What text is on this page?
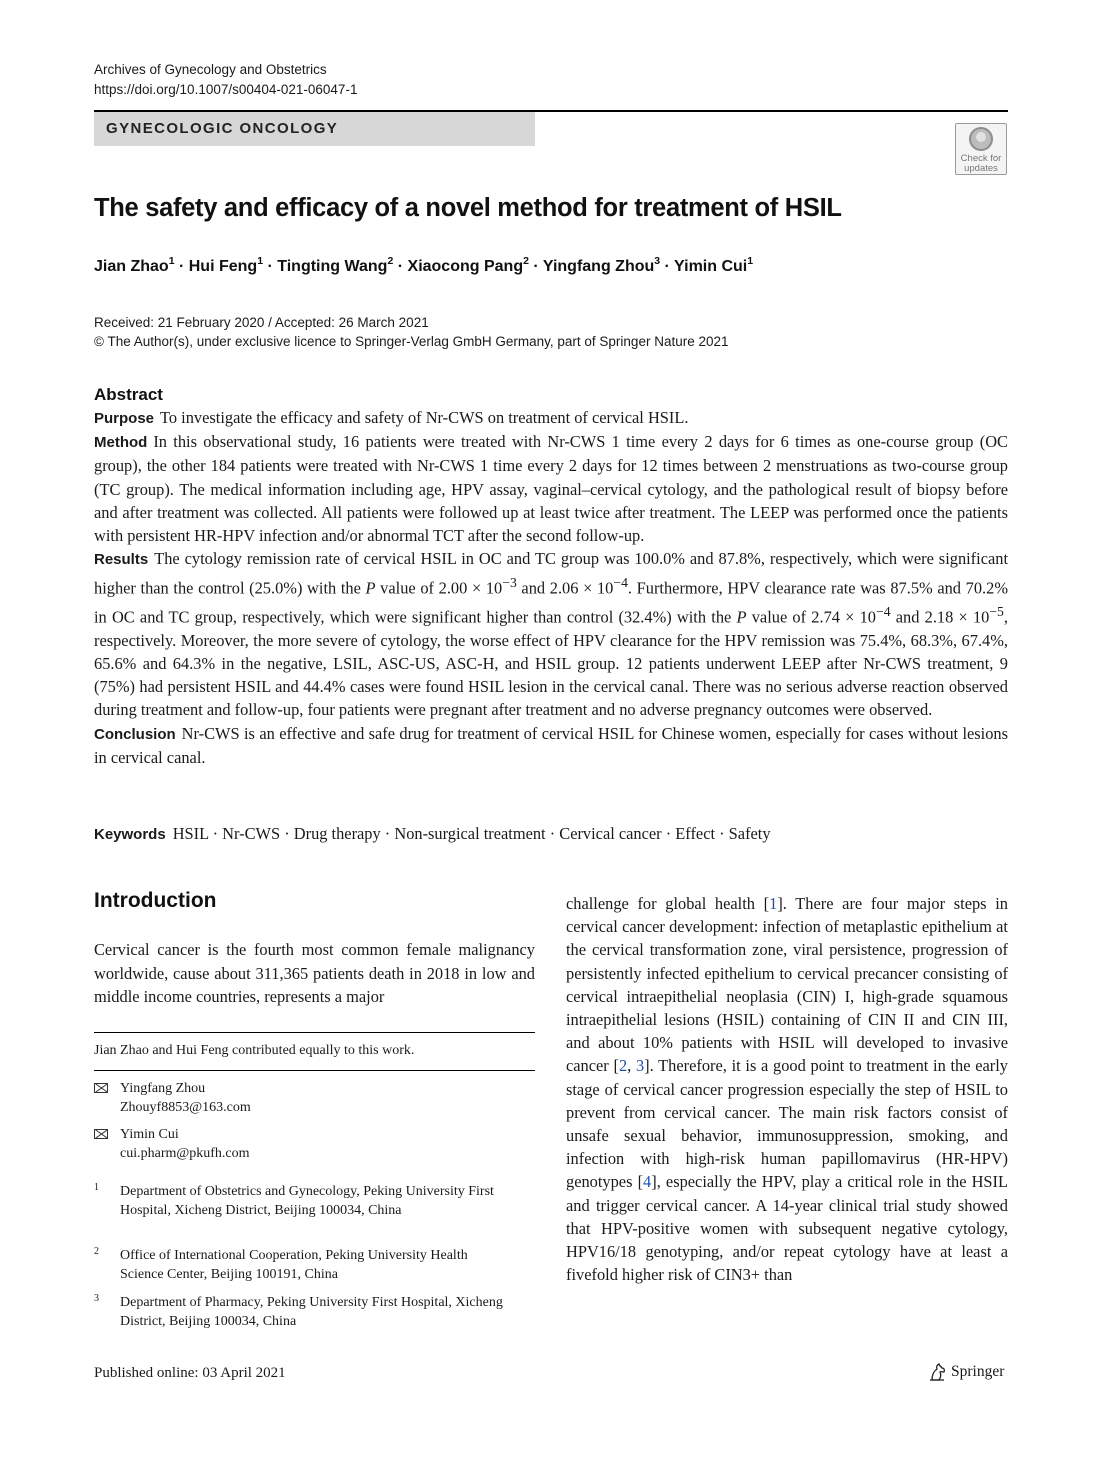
Archives of Gynecology and Obstetrics
https://doi.org/10.1007/s00404-021-06047-1
GYNECOLOGIC ONCOLOGY
Check for
updates
The safety and efficacy of a novel method for treatment of HSIL
Jian Zhao$^1$ · Hui Feng$^1$ · Tingting Wang$^2$ · Xiaocong Pang$^2$ · Yingfang Zhou$^3$ · Yimin Cui$^1$
Received: 21 February 2020 / Accepted: 26 March 2021
© The Author(s), under exclusive licence to Springer-Verlag GmbH Germany, part of Springer Nature 2021
Abstract

Purpose To investigate the efficacy and safety of Nr-CWS on treatment of cervical HSIL.

Method In this observational study, 16 patients were treated with Nr-CWS 1 time every 2 days for 6 times as one-course group (OC group), the other 184 patients were treated with Nr-CWS 1 time every 2 days for 12 times between 2 menstruations as two-course group (TC group). The medical information including age, HPV assay, vaginal–cervical cytology, and the pathological result of biopsy before and after treatment was collected. All patients were followed up at least twice after treatment. The LEEP was performed once the patients with persistent HR-HPV infection and/or abnormal TCT after the second follow-up.

Results The cytology remission rate of cervical HSIL in OC and TC group was 100.0% and 87.8%, respectively, which were significant higher than the control (25.0%) with the P value of $2.00 \times 10^{-3}$ and $2.06 \times 10^{-4}$. Furthermore, HPV clearance rate was 87.5% and 70.2% in OC and TC group, respectively, which were significant higher than control (32.4%) with the P value of $2.74 \times 10^{-4}$ and $2.18 \times 10^{-5}$, respectively. Moreover, the more severe of cytology, the worse effect of HPV clearance for the HPV remission was 75.4%, 68.3%, 67.4%, 65.6% and 64.3% in the negative, LSIL, ASC-US, ASC-H, and HSIL group. 12 patients underwent LEEP after Nr-CWS treatment, 9 (75%) had persistent HSIL and 44.4% cases were found HSIL lesion in the cervical canal. There was no serious adverse reaction observed during treatment and follow-up, four patients were pregnant after treatment and no adverse pregnancy outcomes were observed.

Conclusion Nr-CWS is an effective and safe drug for treatment of cervical HSIL for Chinese women, especially for cases without lesions in cervical canal.

Keywords HSIL · Nr-CWS · Drug therapy · Non-surgical treatment · Cervical cancer · Effect · Safety
Introduction

Cervical cancer is the fourth most common female malignancy worldwide, cause about 311,365 patients death in 2018 in low and middle income countries, represents a major

Jian Zhao and Hui Feng contributed equally to this work.
Yingfang Zhou
Zhouyf8853@163.com
Yimin Cui
cui.pharm@pkufh.com
1 Department of Obstetrics and Gynecology, Peking University First Hospital, Xicheng District, Beijing 100034, China
2 Office of International Cooperation, Peking University Health Science Center, Beijing 100191, China
3 Department of Pharmacy, Peking University First Hospital, Xicheng District, Beijing 100034, China

challenge for global health [1]. There are four major steps in cervical cancer development: infection of metaplastic epithelium at the cervical transformation zone, viral persistence, progression of persistently infected epithelium to cervical precancer consisting of cervical intraepithelial neoplasia (CIN) I, high-grade squamous intraepithelial lesions (HSIL) containing of CIN II and CIN III, and about 10% patients with HSIL will developed to invasive cancer [2, 3]. Therefore, it is a good point to treatment in the early stage of cervical cancer progression especially the step of HSIL to prevent from cervical cancer. The main risk factors consist of unsafe sexual behavior, immunosuppression, smoking, and infection with high-risk human papillomavirus (HR-HPV) genotypes [4], especially the HPV, play a critical role in the HSIL and trigger cervical cancer. A 14-year clinical trial study showed that HPV-positive women with subsequent negative cytology, HPV16/18 genotyping, and/or repeat cytology have at least a fivefold higher risk of CIN3+ than

Published online: 03 April 2021	Springer
